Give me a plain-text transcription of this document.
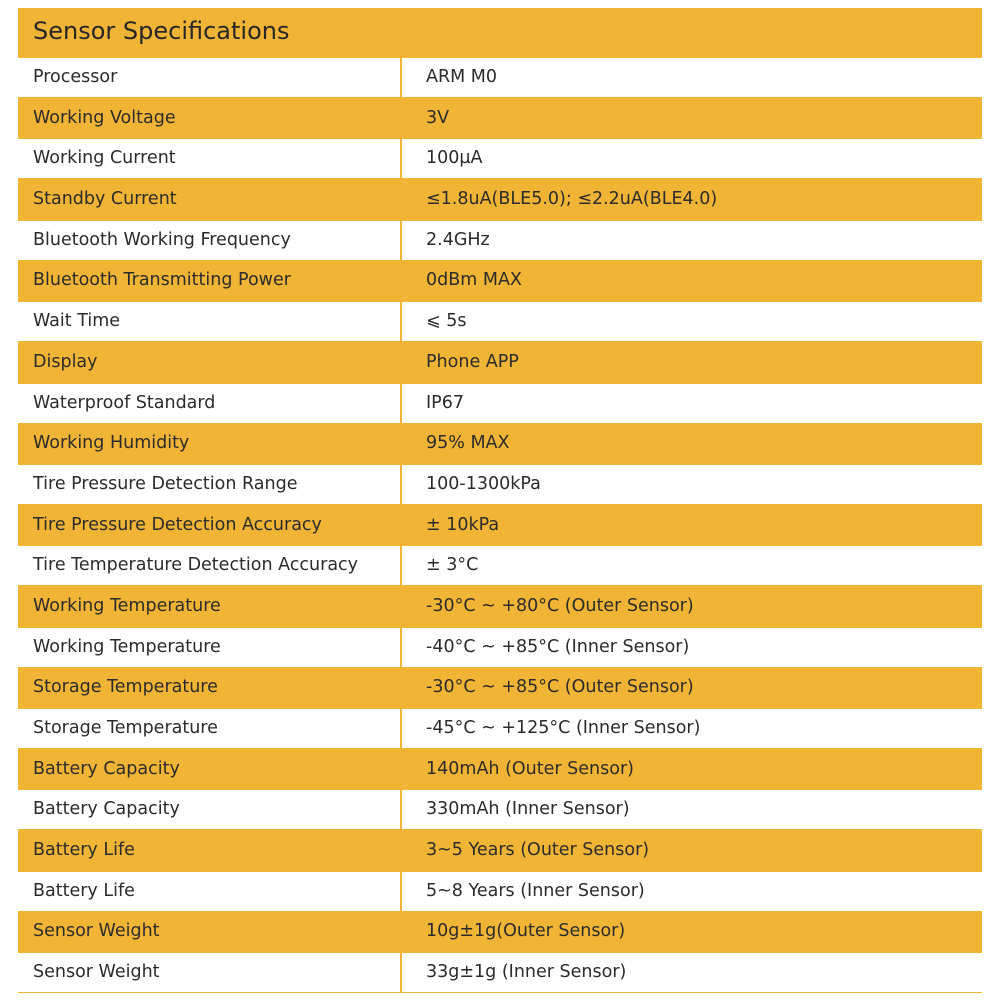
Sensor Specifications
Processor	ARM M0
Working Voltage	3V
Working Current	100µA
Standby Current	≤1.8uA(BLE5.0); ≤2.2uA(BLE4.0)
Bluetooth Working Frequency	2.4GHz
Bluetooth Transmitting Power	0dBm MAX
Wait Time	⩽ 5s
Display	Phone APP
Waterproof Standard	IP67
Working Humidity	95% MAX
Tire Pressure Detection Range	100-1300kPa
Tire Pressure Detection Accuracy	± 10kPa
Tire Temperature Detection Accuracy	± 3°C
Working Temperature	-30°C ~ +80°C (Outer Sensor)
Working Temperature	-40°C ~ +85°C (Inner Sensor)
Storage Temperature	-30°C ~ +85°C (Outer Sensor)
Storage Temperature	-45°C ~ +125°C (Inner Sensor)
Battery Capacity	140mAh (Outer Sensor)
Battery Capacity	330mAh (Inner Sensor)
Battery Life	3~5 Years (Outer Sensor)
Battery Life	5~8 Years (Inner Sensor)
Sensor Weight	10g±1g(Outer Sensor)
Sensor Weight	33g±1g (Inner Sensor)
